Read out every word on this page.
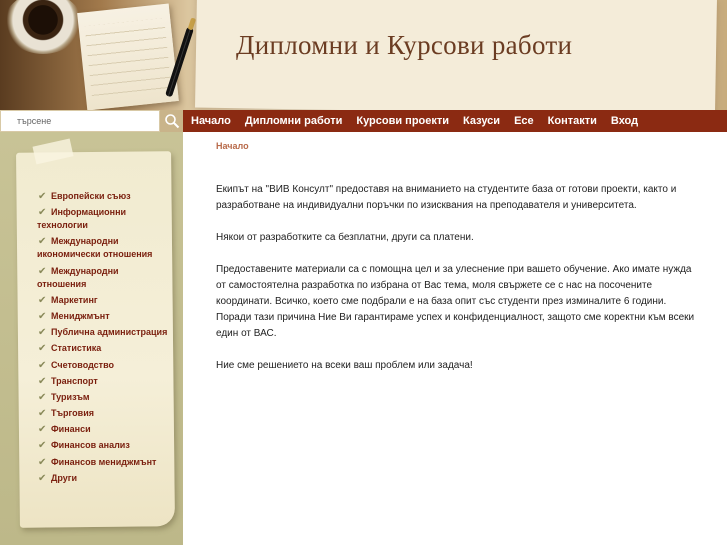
Дипломни и Курсови работи
търсене
Начало Дипломни работи Курсови проекти Казуси Есе Контакти Вход
✔ Европейски съюз
✔ Информационни
технологии
✔ Международни
икономически отношения
✔ Международни
отношения
✔ Маркетинг
✔ Мениджмънт
✔ Публична администрация
✔ Статистика
✔ Счетоводство
✔ Транспорт
✔ Туризъм
✔ Търговия
✔ Финанси
✔ Финансов анализ
✔ Финансов мениджмънт
✔ Други
Начало

Екипът на "ВИВ Консулт" предоставя на вниманието на студентите база от готови проекти, както и
разработване на индивидуални поръчки по изисквания на преподавателя и университета.

Някои от разработките са безплатни, други са платени.

Предоставените материали са с помощна цел и за улеснение при вашето обучение. Ако имате нужда
от самостоятелна разработка по избрана от Вас тема, моля свържете се с нас на посочените
координати. Всичко, което сме подбрали е на база опит със студенти през изминалите 6 години.
Поради тази причина Ние Ви гарантираме успех и конфиденциалност, защото сме коректни към всеки
един от ВАС.

Ние сме решението на всеки ваш проблем или задача!
